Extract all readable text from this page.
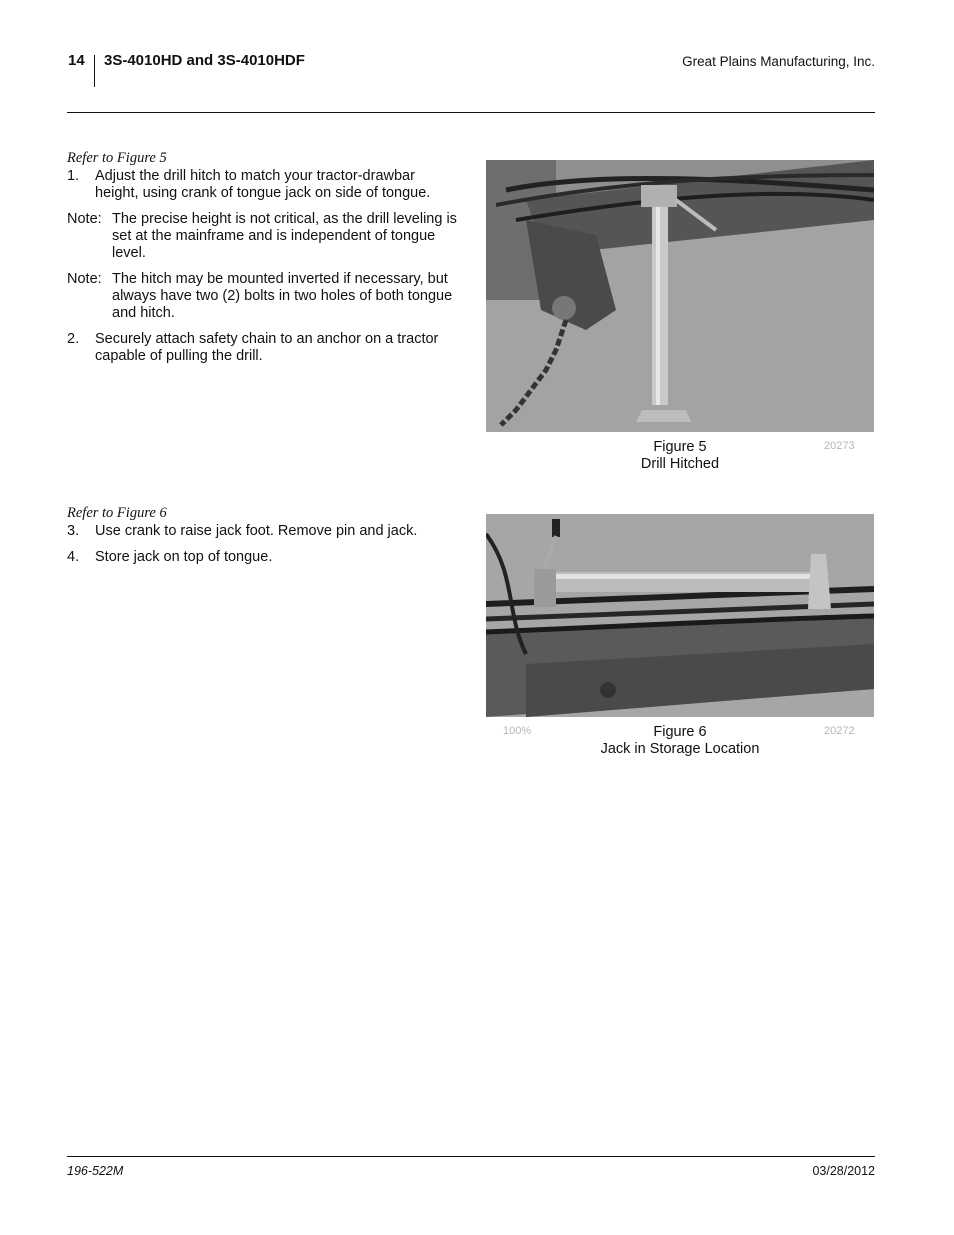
14 3S-4010HD and 3S-4010HDF	Great Plains Manufacturing, Inc.
Refer to Figure 5
1.	Adjust the drill hitch to match your tractor-drawbar height, using crank of tongue jack on side of tongue.
Note: The precise height is not critical, as the drill leveling is set at the mainframe and is independent of tongue level.
Note: The hitch may be mounted inverted if necessary, but always have two (2) bolts in two holes of both tongue and hitch.
2.	Securely attach safety chain to an anchor on a tractor capable of pulling the drill.
Figure 5
Drill Hitched
20273
Refer to Figure 6
3.	Use crank to raise jack foot. Remove pin and jack.
4.	Store jack on top of tongue.
100%	Figure 6
Jack in Storage Location
20272
196-522M	03/28/2012
